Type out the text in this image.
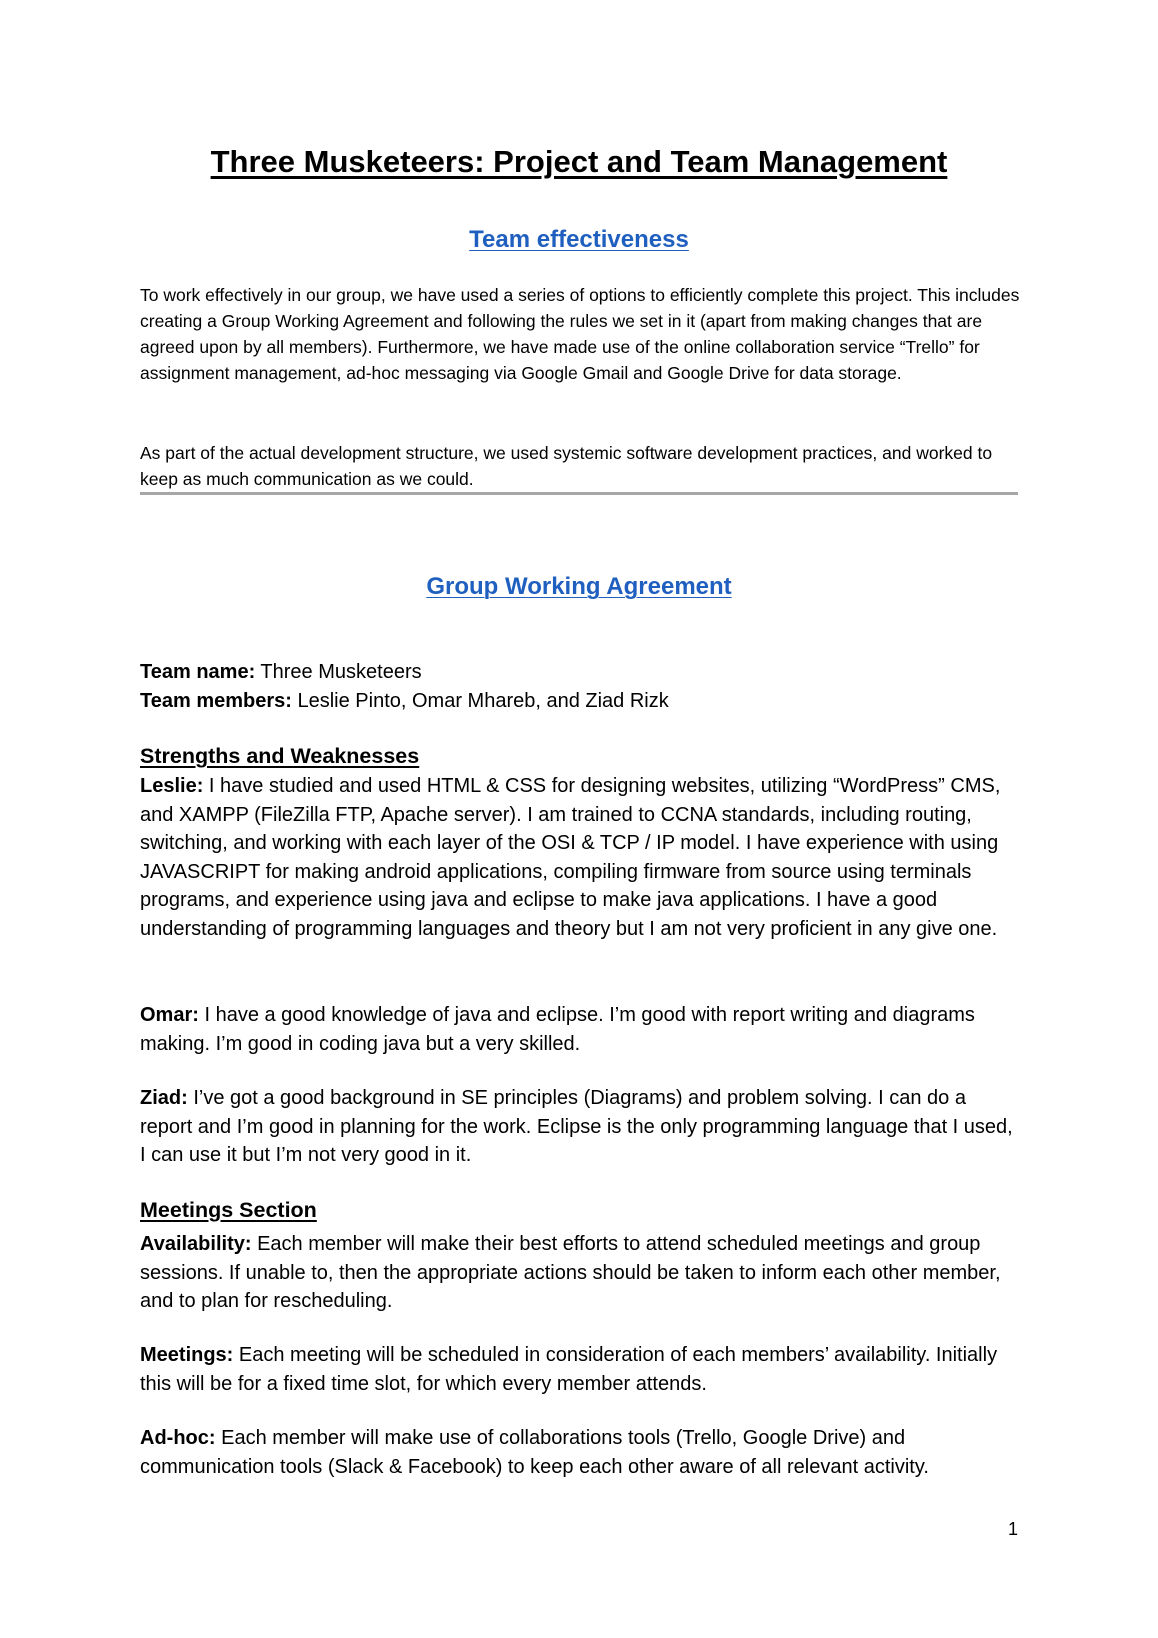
Three Musketeers: Project and Team Management
Team effectiveness

To work effectively in our group, we have used a series of options to efficiently complete this project. This includes creating a Group Working Agreement and following the rules we set in it (apart from making changes that are agreed upon by all members). Furthermore, we have made use of the online collaboration service “Trello” for assignment management, ad-hoc messaging via Google Gmail and Google Drive for data storage.

As part of the actual development structure, we used systemic software development practices, and worked to keep as much communication as we could.

Group Working Agreement

Team name: Three Musketeers

Team members: Leslie Pinto, Omar Mhareb, and Ziad Rizk

Strengths and Weaknesses

Leslie: I have studied and used HTML & CSS for designing websites, utilizing “WordPress” CMS, and XAMPP (FileZilla FTP, Apache server). I am trained to CCNA standards, including routing, switching, and working with each layer of the OSI & TCP / IP model. I have experience with using JAVASCRIPT for making android applications, compiling firmware from source using terminals programs, and experience using java and eclipse to make java applications. I have a good understanding of programming languages and theory but I am not very proficient in any give one.

Omar: I have a good knowledge of java and eclipse. I’m good with report writing and diagrams making. I’m good in coding java but a very skilled.

Ziad: I’ve got a good background in SE principles (Diagrams) and problem solving. I can do a report and I’m good in planning for the work. Eclipse is the only programming language that I used, I can use it but I’m not very good in it.

Meetings Section

Availability: Each member will make their best efforts to attend scheduled meetings and group sessions. If unable to, then the appropriate actions should be taken to inform each other member, and to plan for rescheduling.

Meetings: Each meeting will be scheduled in consideration of each members’ availability. Initially this will be for a fixed time slot, for which every member attends.

Ad-hoc: Each member will make use of collaborations tools (Trello, Google Drive) and communication tools (Slack & Facebook) to keep each other aware of all relevant activity.

1
